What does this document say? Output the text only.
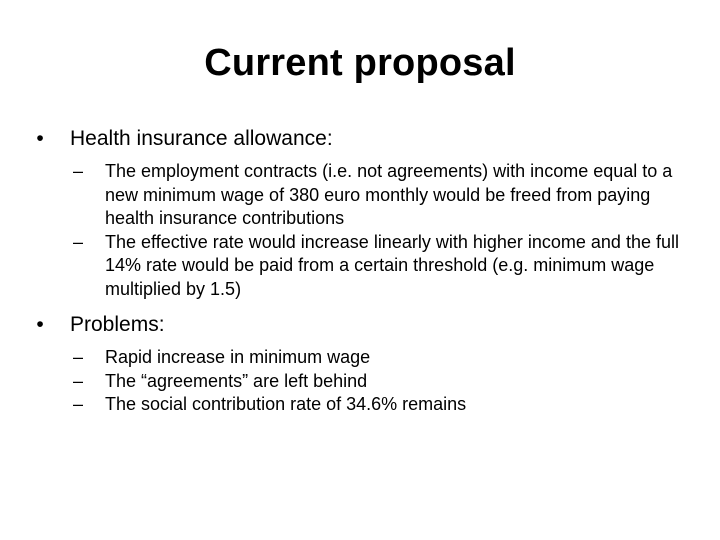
Current proposal
•	Health insurance allowance:
– The employment contracts (i.e. not agreements) with income equal to a new minimum wage of 380 euro monthly would be freed from paying health insurance contributions
– The effective rate would increase linearly with higher income and the full 14% rate would be paid from a certain threshold (e.g. minimum wage multiplied by 1.5)
•	Problems:
– Rapid increase in minimum wage
– The “agreements” are left behind
– The social contribution rate of 34.6% remains
